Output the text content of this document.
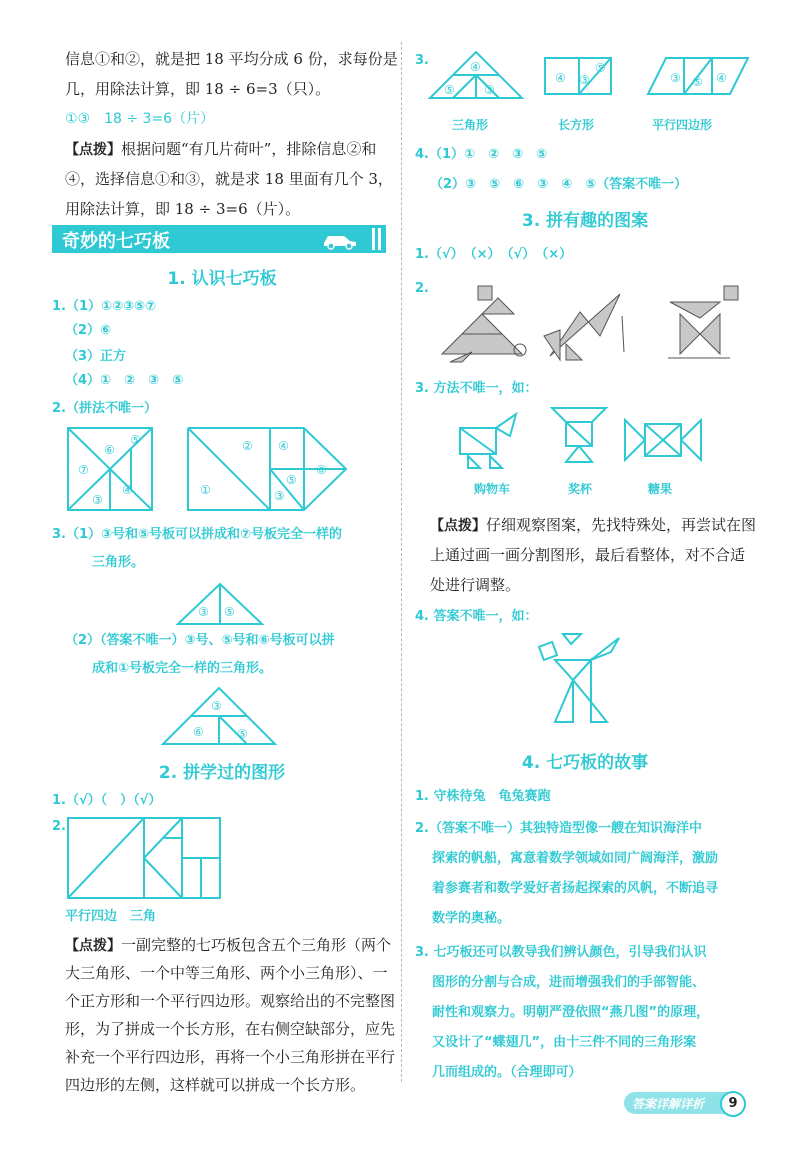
信息①和②，就是把 18 平均分成 6 份，求每份是
几，用除法计算，即 18 ÷ 6=3（只）。
①③　18 ÷ 3=6（片）
【点拨】根据问题“有几片荷叶”，排除信息②和
④，选择信息①和③，就是求 18 里面有几个 3，
用除法计算，即 18 ÷ 3=6（片）。
奇妙的七巧板
1. 认识七巧板
1.（1）①②③⑤⑦
（2）⑥
（3）正方
（4）①　②　③　⑤
2.（拼法不唯一）
⑥
⑤
⑦
④
③
①
② ④
⑤
③
⑥
3.（1）③号和⑤号板可以拼成和⑦号板完全一样的
三角形。
③ ⑤
（2）（答案不唯一）③号、⑤号和⑥号板可以拼
成和①号板完全一样的三角形。
③
⑥	⑤
2. 拼学过的图形
1.（√）（　）（√）
2.
平行四边　三角
【点拨】一副完整的七巧板包含五个三角形（两个
大三角形、一个中等三角形、两个小三角形）、一
个正方形和一个平行四边形。观察给出的不完整图
形，为了拼成一个长方形，在右侧空缺部分，应先
补充一个平行四边形，再将一个小三角形拼在平行
四边形的左侧，这样就可以拼成一个长方形。
3.	④
⑤ ③
④ ③
⑤
③ ⑤ ④
三角形	长方形	平行四边形
4.（1）①　②　③　⑤
（2）③　⑤　⑥　③　④　⑤（答案不唯一）
3. 拼有趣的图案
1.（√）　（×）　（√）　（×）
2.
3. 方法不唯一，如：
购物车	奖杯	糖果
【点拨】仔细观察图案，先找特殊处，再尝试在图
上通过画一画分割图形，最后看整体，对不合适
处进行调整。
4. 答案不唯一，如：
4. 七巧板的故事
1. 守株待兔　龟兔赛跑
2.（答案不唯一）其独特造型像一艘在知识海洋中
探索的帆船，寓意着数学领域如同广阔海洋，激励
着参赛者和数学爱好者扬起探索的风帆，不断追寻
数学的奥秘。
3. 七巧板还可以教导我们辨认颜色，引导我们认识
图形的分割与合成，进而增强我们的手部智能、
耐性和观察力。明朝严澄依照“燕几图”的原理，
又设计了“蝶翅几”，由十三件不同的三角形案
几而组成的。（合理即可）
答案详解详析	9
